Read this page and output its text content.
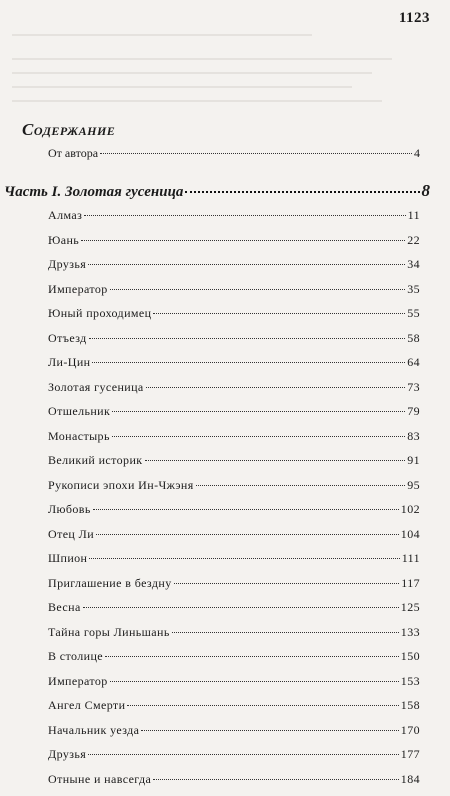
1123
Содержание
От автора	4
Часть I. Золотая гусеница	8
Алмаз	11
Юань	22
Друзья	34
Император	35
Юный проходимец	55
Отъезд	58
Ли-Цин	64
Золотая гусеница	73
Отшельник	79
Монастырь	83
Великий историк	91
Рукописи эпохи Ин-Чжэня	95
Любовь	102
Отец Ли	104
Шпион	111
Приглашение в бездну	117
Весна	125
Тайна горы Линьшань	133
В столице	150
Император	153
Ангел Смерти	158
Начальник уезда	170
Друзья	177
Отныне и навсегда	184
